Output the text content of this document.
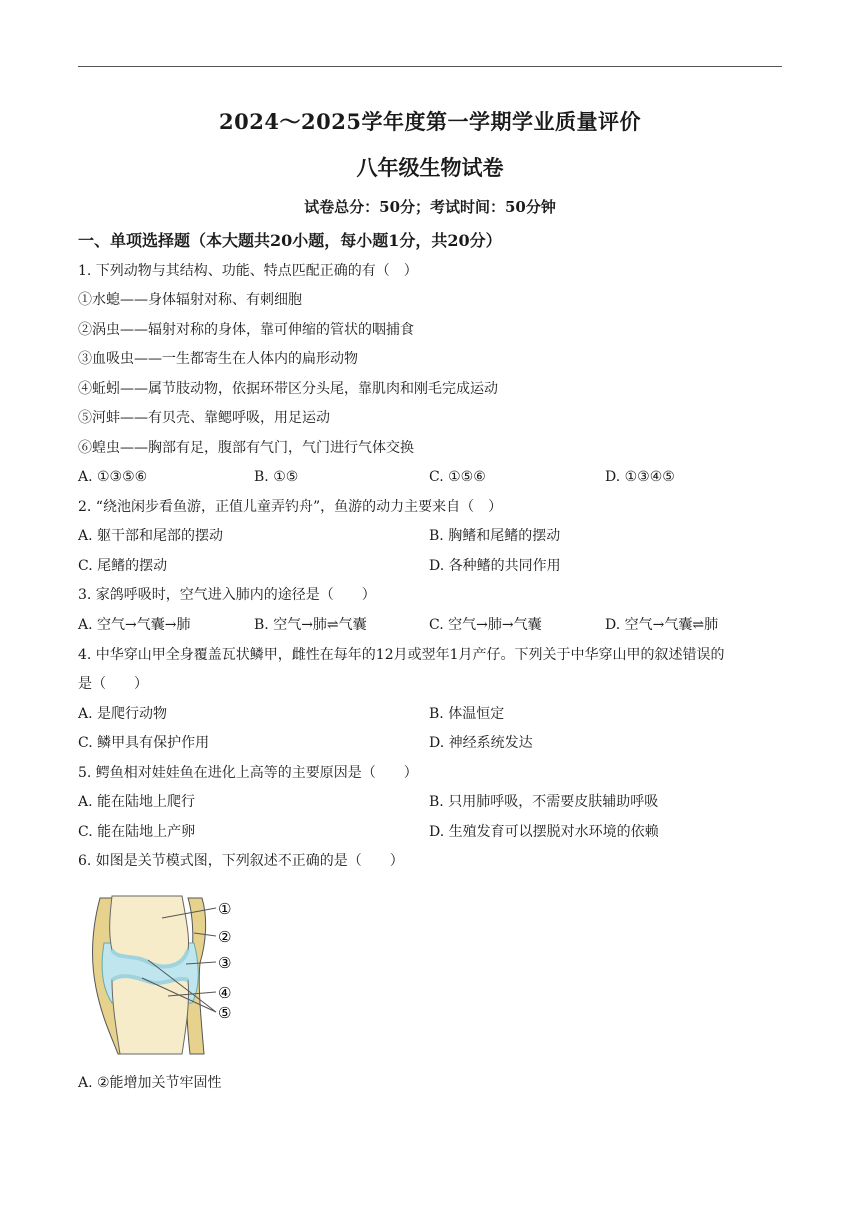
2024～2025学年度第一学期学业质量评价
八年级生物试卷
试卷总分：50分；考试时间：50分钟
一、单项选择题（本大题共20小题，每小题1分，共20分）
1. 下列动物与其结构、功能、特点匹配正确的有（　）
①水螅——身体辐射对称、有刺细胞
②涡虫——辐射对称的身体，靠可伸缩的管状的咽捕食
③血吸虫——一生都寄生在人体内的扁形动物
④蚯蚓——属节肢动物，依据环带区分头尾，靠肌肉和刚毛完成运动
⑤河蚌——有贝壳、靠鳃呼吸，用足运动
⑥蝗虫——胸部有足，腹部有气门，气门进行气体交换
A. ①③⑤⑥	B. ①⑤	C. ①⑤⑥	D. ①③④⑤
2. “绕池闲步看鱼游，正值儿童弄钓舟”，鱼游的动力主要来自（　）
A. 躯干部和尾部的摆动	B. 胸鳍和尾鳍的摆动
C. 尾鳍的摆动	D. 各种鳍的共同作用
3. 家鸽呼吸时，空气进入肺内的途径是（　　）
A. 空气→气囊→肺	B. 空气→肺⇌气囊	C. 空气→肺→气囊	D. 空气→气囊⇌肺
4. 中华穿山甲全身覆盖瓦状鳞甲，雌性在每年的12月或翌年1月产仔。下列关于中华穿山甲的叙述错误的
是（　　）
A. 是爬行动物	B. 体温恒定
C. 鳞甲具有保护作用	D. 神经系统发达
5. 鳄鱼相对娃娃鱼在进化上高等的主要原因是（　　）
A. 能在陆地上爬行	B. 只用肺呼吸，不需要皮肤辅助呼吸
C. 能在陆地上产卵	D. 生殖发育可以摆脱对水环境的依赖
6. 如图是关节模式图，下列叙述不正确的是（　　）
①
②
③
④
⑤
A. ②能增加关节牢固性
